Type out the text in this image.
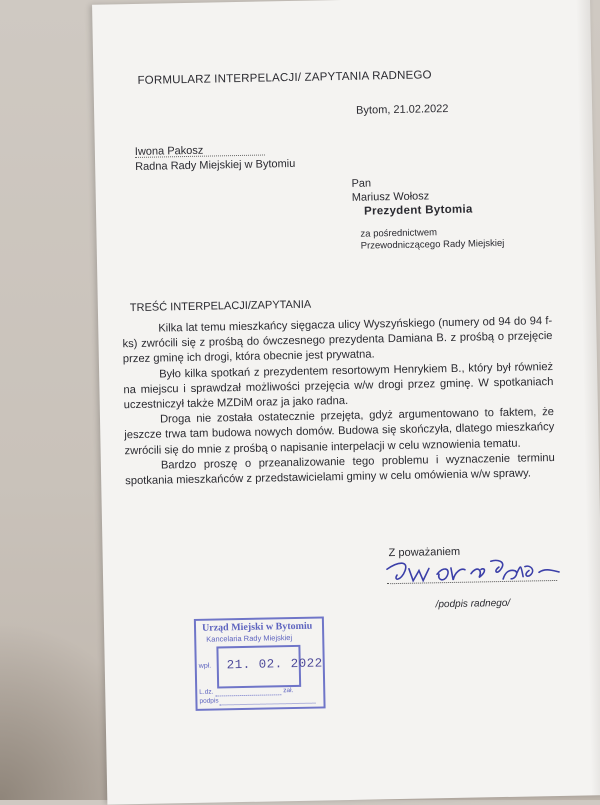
FORMULARZ INTERPELACJI/ ZAPYTANIA RADNEGO
Bytom, 21.02.2022
Iwona Pakosz
Radna Rady Miejskiej w Bytomiu
Pan
Mariusz Wołosz
Prezydent Bytomia
za pośrednictwem
Przewodniczącego Rady Miejskiej
TREŚĆ INTERPELACJI/ZAPYTANIA

Kilka lat temu mieszkańcy sięgacza ulicy Wyszyńskiego (numery od 94 do 94 f-ks) zwrócili się z prośbą do ówczesnego prezydenta Damiana B. z prośbą o przejęcie przez gminę ich drogi, która obecnie jest prywatna.

Było kilka spotkań z prezydentem resortowym Henrykiem B., który był również na miejscu i sprawdzał możliwości przejęcia w/w drogi przez gminę. W spotkaniach uczestniczył także MZDiM oraz ja jako radna.

Droga nie została ostatecznie przejęta, gdyż argumentowano to faktem, że jeszcze trwa tam budowa nowych domów. Budowa się skończyła, dlatego mieszkańcy zwrócili się do mnie z prośbą o napisanie interpelacji w celu wznowienia tematu.

Bardzo proszę o przeanalizowanie tego problemu i wyznaczenie terminu spotkania mieszkańców z przedstawicielami gminy w celu omówienia w/w sprawy.

Z poważaniem
/podpis radnego/
Urząd Miejski w Bytomiu
Kancelaria Rady Miejskiej
wpł. 21. 02. 2022
L.dz.	zał.
podpis
